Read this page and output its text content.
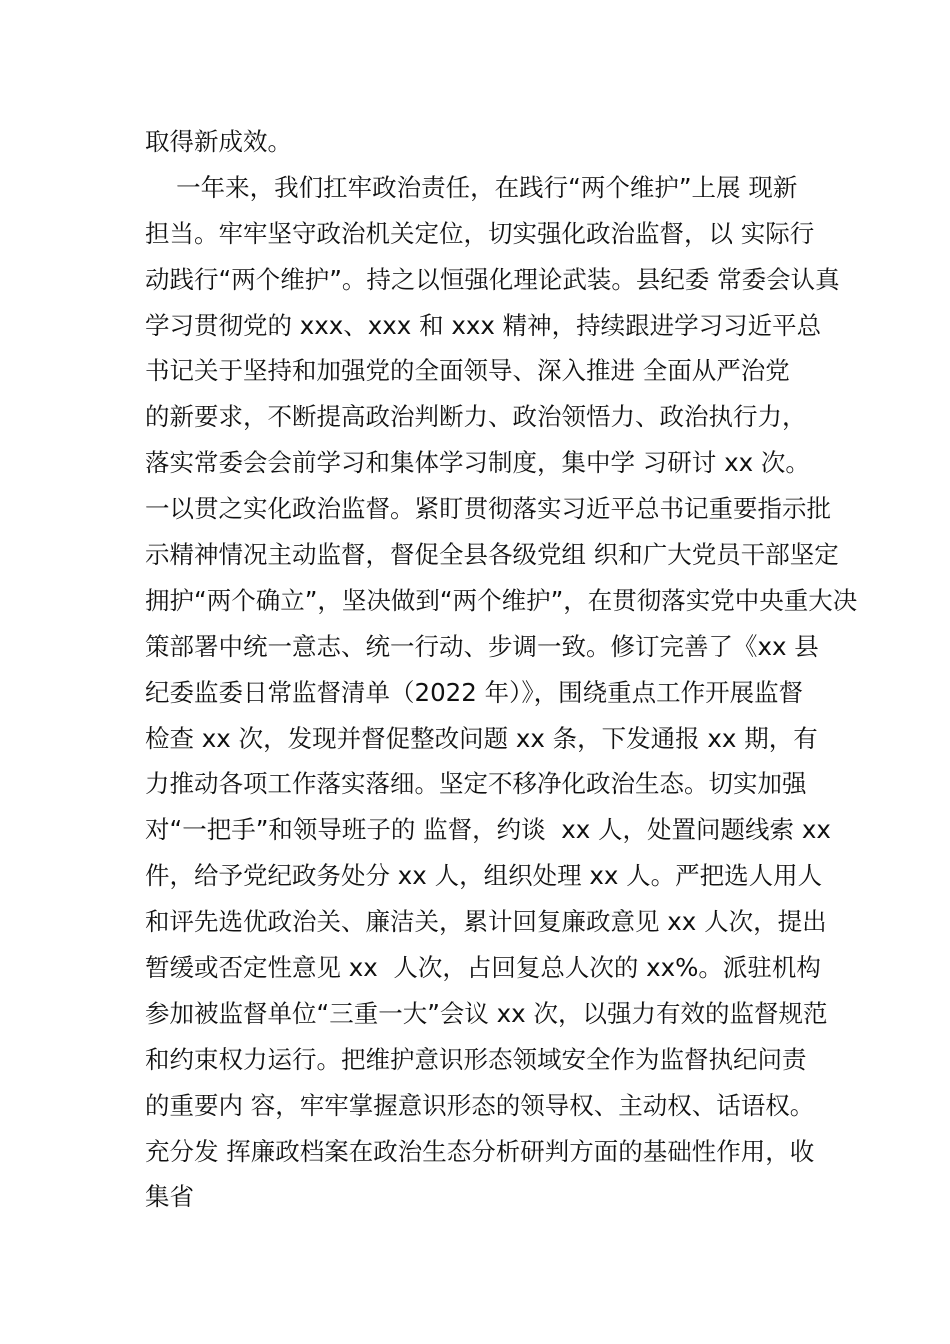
取得新成效。
一年来，我们扛牢政治责任，在践行“两个维护”上展 现新
担当。牢牢坚守政治机关定位，切实强化政治监督，以 实际行
动践行“两个维护”。持之以恒强化理论武装。县纪委 常委会认真
学习贯彻党的 xxx、xxx 和 xxx 精神，持续跟进学习习近平总
书记关于坚持和加强党的全面领导、深入推进 全面从严治党
的新要求，不断提高政治判断力、政治领悟力、政治执行力，
落实常委会会前学习和集体学习制度，集中学 习研讨 xx 次。
一以贯之实化政治监督。紧盯贯彻落实习近平总书记重要指示批
示精神情况主动监督，督促全县各级党组 织和广大党员干部坚定
拥护“两个确立”，坚决做到“两个维护”，在贯彻落实党中央重大决
策部署中统一意志、统一行动、步调一致。修订完善了《xx 县
纪委监委日常监督清单（2022 年）》，围绕重点工作开展监督
检查 xx 次，发现并督促整改问题 xx 条，下发通报 xx 期，有
力推动各项工作落实落细。坚定不移净化政治生态。切实加强
对“一把手”和领导班子的 监督，约谈  xx 人，处置问题线索 xx
件，给予党纪政务处分 xx 人，组织处理 xx 人。严把选人用人
和评先选优政治关、廉洁关，累计回复廉政意见 xx 人次，提出
暂缓或否定性意见 xx  人次，占回复总人次的 xx%。派驻机构
参加被监督单位“三重一大”会议 xx 次，以强力有效的监督规范
和约束权力运行。把维护意识形态领域安全作为监督执纪问责
的重要内 容，牢牢掌握意识形态的领导权、主动权、话语权。
充分发 挥廉政档案在政治生态分析研判方面的基础性作用，收
集省
